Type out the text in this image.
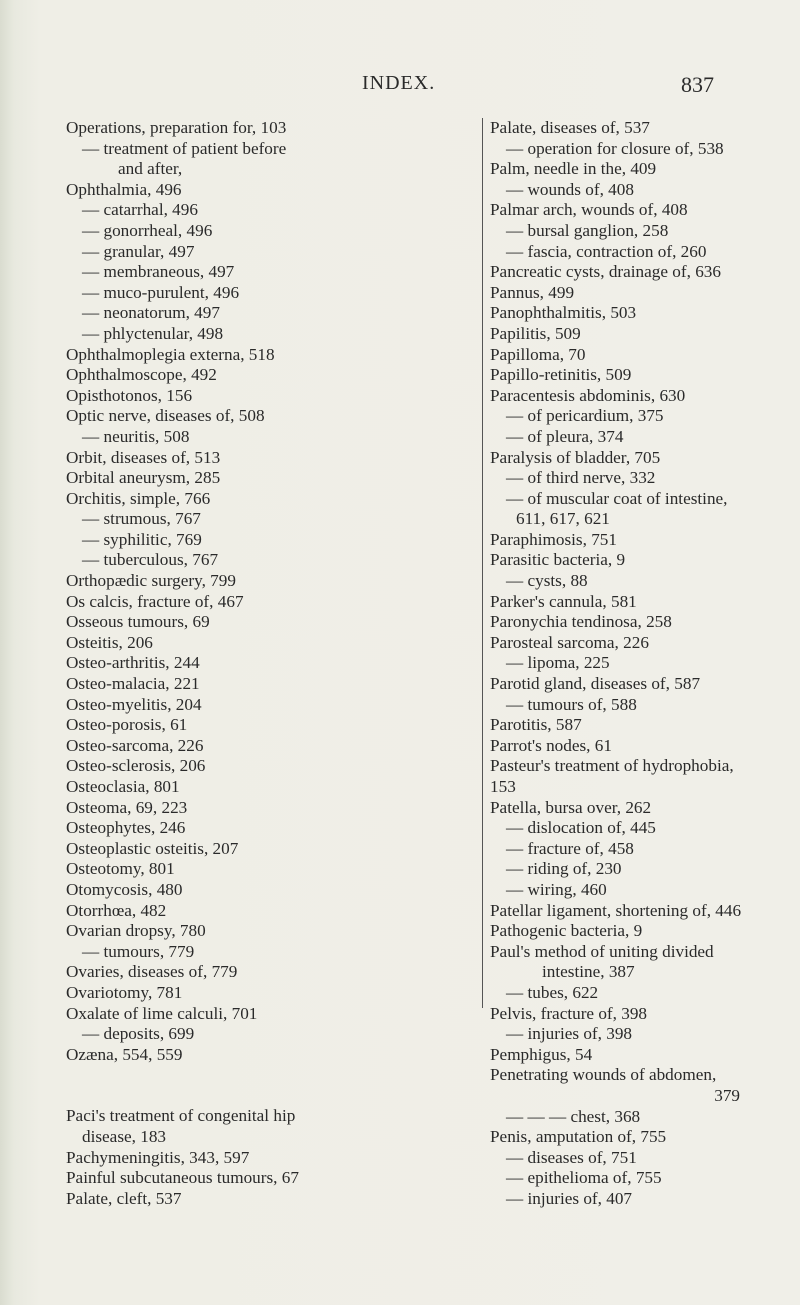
INDEX.	837
Operations, preparation for, 103
— treatment of patient before
and after,
Ophthalmia, 496
— catarrhal, 496
— gonorrheal, 496
— granular, 497
— membraneous, 497
— muco-purulent, 496
— neonatorum, 497
— phlyctenular, 498
Ophthalmoplegia externa, 518
Ophthalmoscope, 492
Opisthotonos, 156
Optic nerve, diseases of, 508
— neuritis, 508
Orbit, diseases of, 513
Orbital aneurysm, 285
Orchitis, simple, 766
— strumous, 767
— syphilitic, 769
— tuberculous, 767
Orthopædic surgery, 799
Os calcis, fracture of, 467
Osseous tumours, 69
Osteitis, 206
Osteo-arthritis, 244
Osteo-malacia, 221
Osteo-myelitis, 204
Osteo-porosis, 61
Osteo-sarcoma, 226
Osteo-sclerosis, 206
Osteoclasia, 801
Osteoma, 69, 223
Osteophytes, 246
Osteoplastic osteitis, 207
Osteotomy, 801
Otomycosis, 480
Otorrhœa, 482
Ovarian dropsy, 780
— tumours, 779
Ovaries, diseases of, 779
Ovariotomy, 781
Oxalate of lime calculi, 701
— deposits, 699
Ozæna, 554, 559
Paci's treatment of congenital hip
disease, 183
Pachymeningitis, 343, 597
Painful subcutaneous tumours, 67
Palate, cleft, 537
Palate, diseases of, 537
— operation for closure of, 538
Palm, needle in the, 409
— wounds of, 408
Palmar arch, wounds of, 408
— bursal ganglion, 258
— fascia, contraction of, 260
Pancreatic cysts, drainage of, 636
Pannus, 499
Panophthalmitis, 503
Papilitis, 509
Papilloma, 70
Papillo-retinitis, 509
Paracentesis abdominis, 630
— of pericardium, 375
— of pleura, 374
Paralysis of bladder, 705
— of third nerve, 332
— of muscular coat of intestine,
611, 617, 621
Paraphimosis, 751
Parasitic bacteria, 9
— cysts, 88
Parker's cannula, 581
Paronychia tendinosa, 258
Parosteal sarcoma, 226
— lipoma, 225
Parotid gland, diseases of, 587
— tumours of, 588
Parotitis, 587
Parrot's nodes, 61
Pasteur's treatment of hydrophobia,
153
Patella, bursa over, 262
— dislocation of, 445
— fracture of, 458
— riding of, 230
— wiring, 460
Patellar ligament, shortening of, 446
Pathogenic bacteria, 9
Paul's method of uniting divided
intestine, 387
— tubes, 622
Pelvis, fracture of, 398
— injuries of, 398
Pemphigus, 54
Penetrating wounds of abdomen,
379
— — — chest, 368
Penis, amputation of, 755
— diseases of, 751
— epithelioma of, 755
— injuries of, 407
